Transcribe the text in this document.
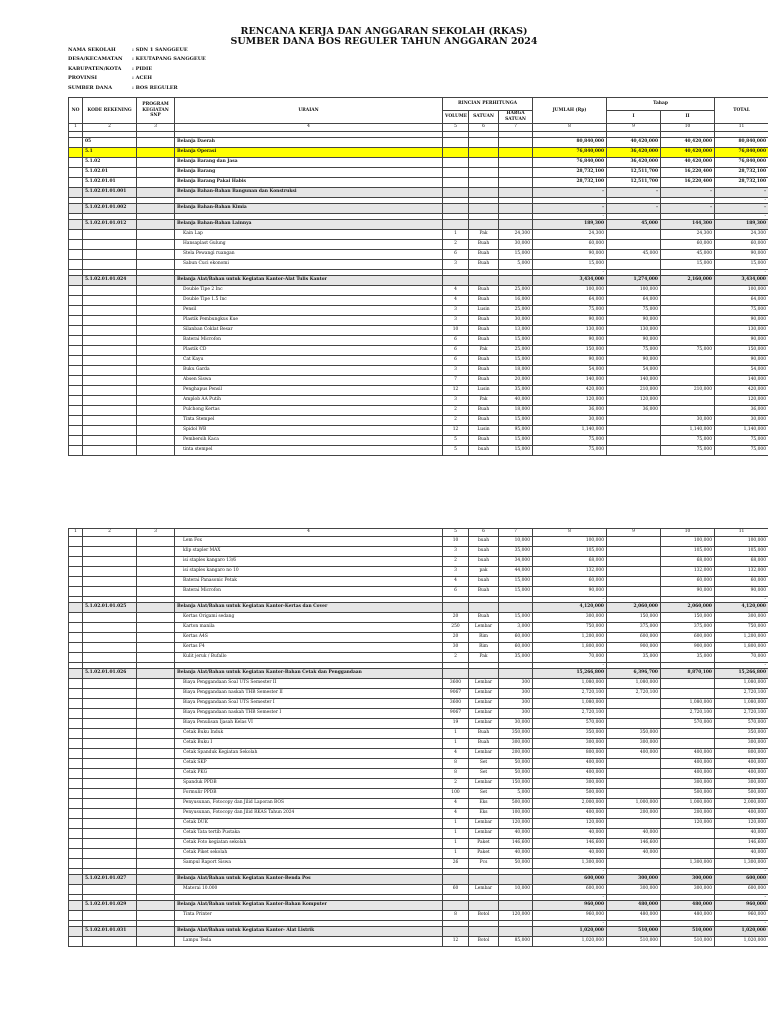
RENCANA KERJA DAN ANGGARAN SEKOLAH (RKAS)
SUMBER DANA BOS REGULER TAHUN ANGGARAN 2024
NAMA SEKOLAH	: SDN 1 SANGGEUE
DESA/KECAMATAN	: KEUTAPANG SANGGEUE
KABUPATEN/KOTA	: PIDIE
PROVINSI	: ACEH
SUMBER DANA	: BOS REGULER
NO	KODE REKENING	PROGRAM KEGIATAN SNP	URAIAN	RINCIAN PERHITUNGA			JUMLAH (Rp)	Tahap		TOTAL
				VOLUME	SATUAN	HARGA SATUAN		I	II	
1	2	3	4	5	6	7	8	9	10	11

	05		Belanja Daerah				80,840,000	40,420,000	40,420,000	80,840,000
	5.1		Belanja Operasi				76,840,000	36,420,000	40,420,000	76,840,000
	5.1.02		Belanja Barang dan Jasa				76,840,000	36,420,000	40,420,000	76,840,000
	5.1.02.01		Belanja Barang				28,732,100	12,511,700	16,220,400	28,732,100
	5.1.02.01.01		Belanja Barang Pakai Habis				28,732,100	12,511,700	16,220,400	28,732,100
	5.1.02.01.01.001		Belanja Bahan-Bahan Bangunan dan Konstruksi				-	-	-	-
										-
	5.1.02.01.01.002		Belanja Bahan-Bahan Kimia				-	-	-	-
							-			-
	5.1.02.01.01.012		Belanja Bahan-Bahan Lainnya				189,300	45,000	144,300	189,300
			Kain Lap	1	Pak	24,300	24,300		24,300	24,300
			Hansaplast Gulung	2	Buah	30,000	60,000		60,000	60,000
			Stela Pewangi ruangan	6	Buah	15,000	90,000	45,000	45,000	90,000
			Sabun Cuci ekonomi	3	Buah	5,000	15,000		15,000	15,000
							-			-
	5.1.02.01.01.024		Belanja Alat/Bahan untuk Kegiatan Kantor-Alat Tulis Kantor				3,434,000	1,274,000	2,160,000	3,434,000
			Double Tipe 2 Inc	4	Buah	25,000	100,000	100,000		100,000
			Double Tipe 1.5 Inc	4	Buah	16,000	64,000	64,000		64,000
			Pensil	3	Lusin	25,000	75,000	75,000		75,000
			Plastik Pembungkus Kue	3	Buah	30,000	90,000	90,000		90,000
			Silanban Coklat Besar	10	Buah	13,000	130,000	130,000		130,000
			Baterai Microfon	6	Buah	15,000	90,000	90,000		90,000
			Plastik CD	6	Pak	25,000	150,000	75,000	75,000	150,000
			Cat Kayu	6	Buah	15,000	90,000	90,000		90,000
			Buku Garda	3	Buah	18,000	54,000	54,000		54,000
			Absen Siswa	7	Buah	20,000	140,000	140,000		140,000
			Penghapus Pensil	12	Lusin	35,000	420,000	210,000	210,000	420,000
			Amplob AA Putih	3	Pak	40,000	120,000	120,000		120,000
			Pulchong Kertas	2	Buah	18,000	36,000	36,000		36,000
			Tinta Stempel	2	Buah	15,000	30,000		30,000	30,000
			Spidol WB	12	Lusin	95,000	1,140,000		1,140,000	1,140,000
			Pembersih Kaca	5	Buah	15,000	75,000		75,000	75,000
			tinta stempel	5	buah	15,000	75,000		75,000	75,000
1	2	3	4	5	6	7	8	9	10	11
			Lem Fox	10	buah	10,000	100,000		100,000	100,000
			klip stapler MAX	3	buah	35,000	105,000		105,000	105,000
			isi staples kangaro 13/6	2	buah	34,000	68,000		68,000	68,000
			isi staples kangaro no 10	3	pak	44,000	132,000		132,000	132,000
			Baterai Panasonic Petak	4	buah	15,000	60,000		60,000	60,000
			Baterai Microfon	6	Buah	15,000	90,000		90,000	90,000
							-			-
	5.1.02.01.01.025		Belanja Alat/Bahan untuk Kegiatan Kantor-Kertas dan Cover				4,120,000	2,060,000	2,060,000	4,120,000
			Kertas Origami sedang	20	Buah	15,000	300,000	150,000	150,000	300,000
			Karton manila	250	Lembar	3,000	750,000	375,000	375,000	750,000
			Kertas A4S	20	Rim	60,000	1,200,000	600,000	600,000	1,200,000
			Kertas F4	30	Rim	60,000	1,800,000	900,000	900,000	1,800,000
			Kulit jeruk / Bufallo	2	Pak	35,000	70,000	35,000	35,000	70,000
							-			-
	5.1.02.01.01.026		Belanja Alat/Bahan untuk Kegiatan Kantor-Bahan Cetak dan Penggandaan				15,266,800	6,396,700	8,870,100	15,266,800
			Biaya Penggandaan Soal UTS Semester II	3600	Lembar	300	1,080,000	1,080,000		1,080,000
			Biaya Penggandaan naskah THB Semester II	9067	Lembar	300	2,720,100	2,720,100		2,720,100
			Biaya Penggandaan Soal UTS Semester I	3600	Lembar	300	1,080,000		1,080,000	1,080,000
			Biaya Penggandaan naskah THB Semester I	9067	Lembar	300	2,720,100		2,720,100	2,720,100
			Biaya Penulisan Ijasah Kelas VI	19	Lembar	30,000	570,000		570,000	570,000
			Cetak Buku Induk	1	Buah	350,000	350,000	350,000		350,000
			Cetak Buku I	1	Buah	300,000	300,000	300,000		300,000
			Cetak Spanduk Kegiatan Sekolah	4	Lembar	200,000	800,000	400,000	400,000	800,000
			Cetak SKP	8	Set	50,000	400,000		400,000	400,000
			Cetak PKG	8	Set	50,000	400,000		400,000	400,000
			Spanduk PPDB	2	Lembar	150,000	300,000		300,000	300,000
			Formulir PPDB	100	Set	5,000	500,000		500,000	500,000
			Penyusunan, Fotocopy dan Jilid Laporan BOS	4	Eks	500,000	2,000,000	1,000,000	1,000,000	2,000,000
			Penyusunan, Fotocopy dan Jilid RKAS Tahun 2024	4	Eks	100,000	400,000	200,000	200,000	400,000
			Cetak DUK	1	Lembar	120,000	120,000		120,000	120,000
			Cetak Tata tertib Pustaka	1	Lembar	40,000	40,000	40,000		40,000
			Cetak Foto kegiatan sekolah	1	Paket	146,600	146,600	146,600		146,600
			Cetak Piket sekolah	1	Paket	40,000	40,000	40,000		40,000
			Sampul Raport Siswa	26	Pcs	50,000	1,300,000		1,300,000	1,300,000
							-			-
	5.1.02.01.01.027		Belanja Alat/Bahan untuk Kegiatan Kantor-Benda Pos				600,000	300,000	300,000	600,000
			Materai 10.000	60	Lembar	10,000	600,000	300,000	300,000	600,000
							-			-
	5.1.02.01.01.029		Belanja Alat/Bahan untuk Kegiatan Kantor-Bahan Komputer				960,000	480,000	480,000	960,000
			Tinta Printer	8	Botol	120,000	960,000	480,000	480,000	960,000
							-			-
	5.1.02.01.01.031		Belanja Alat/Bahan untuk Kegiatan Kantor- Alat Listrik				1,020,000	510,000	510,000	1,020,000
			Lampu Tesla	12	Botol	85,000	1,020,000	510,000	510,000	1,020,000
